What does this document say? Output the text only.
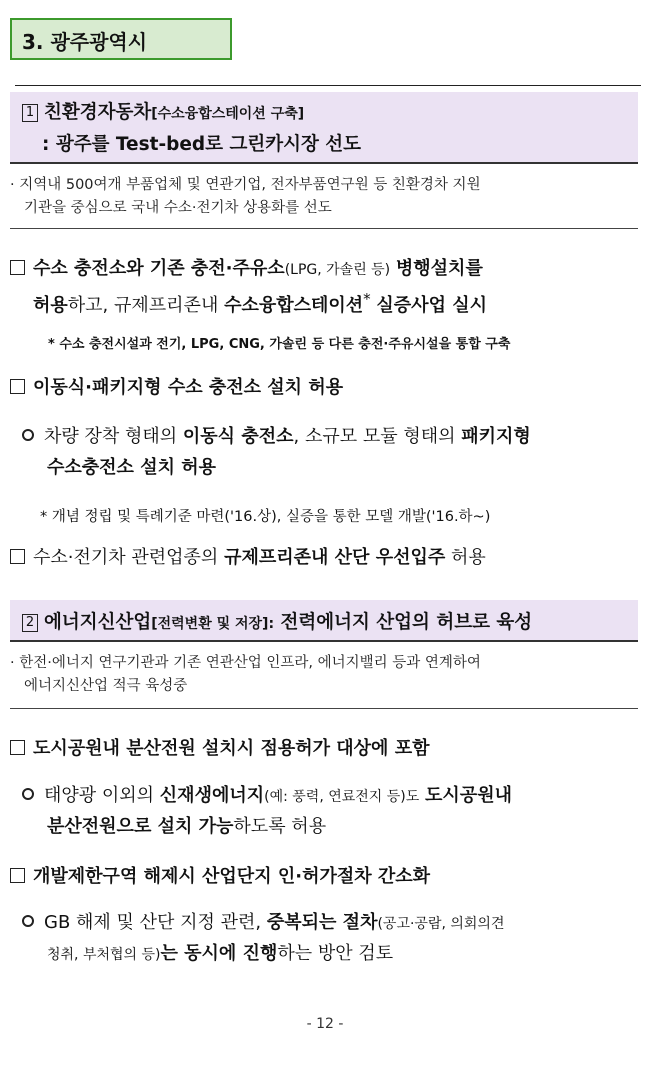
3. 광주광역시
1 친환경자동차[수소융합스테이션 구축]
: 광주를 Test-bed로 그린카시장 선도
· 지역내 500여개 부품업체 및 연관기업, 전자부품연구원 등 친환경차 지원
기관을 중심으로 국내 수소·전기차 상용화를 선도
수소 충전소와 기존 충전·주유소(LPG, 가솔린 등) 병행설치를
허용하고, 규제프리존내 수소융합스테이션* 실증사업 실시
* 수소 충전시설과 전기, LPG, CNG, 가솔린 등 다른 충전·주유시설을 통합 구축
이동식·패키지형 수소 충전소 설치 허용
차량 장착 형태의 이동식 충전소, 소규모 모듈 형태의 패키지형
수소충전소 설치 허용
* 개념 정립 및 특례기준 마련('16.상), 실증을 통한 모델 개발('16.하~)
수소·전기차 관련업종의 규제프리존내 산단 우선입주 허용
2 에너지신산업[전력변환 및 저장]: 전력에너지 산업의 허브로 육성
· 한전·에너지 연구기관과 기존 연관산업 인프라, 에너지밸리 등과 연계하여
에너지신산업 적극 육성중
도시공원내 분산전원 설치시 점용허가 대상에 포함
태양광 이외의 신재생에너지(예: 풍력, 연료전지 등)도 도시공원내
분산전원으로 설치 가능하도록 허용
개발제한구역 해제시 산업단지 인·허가절차 간소화
GB 해제 및 산단 지정 관련, 중복되는 절차(공고·공람, 의회의견
청취, 부처협의 등)는 동시에 진행하는 방안 검토
- 12 -
